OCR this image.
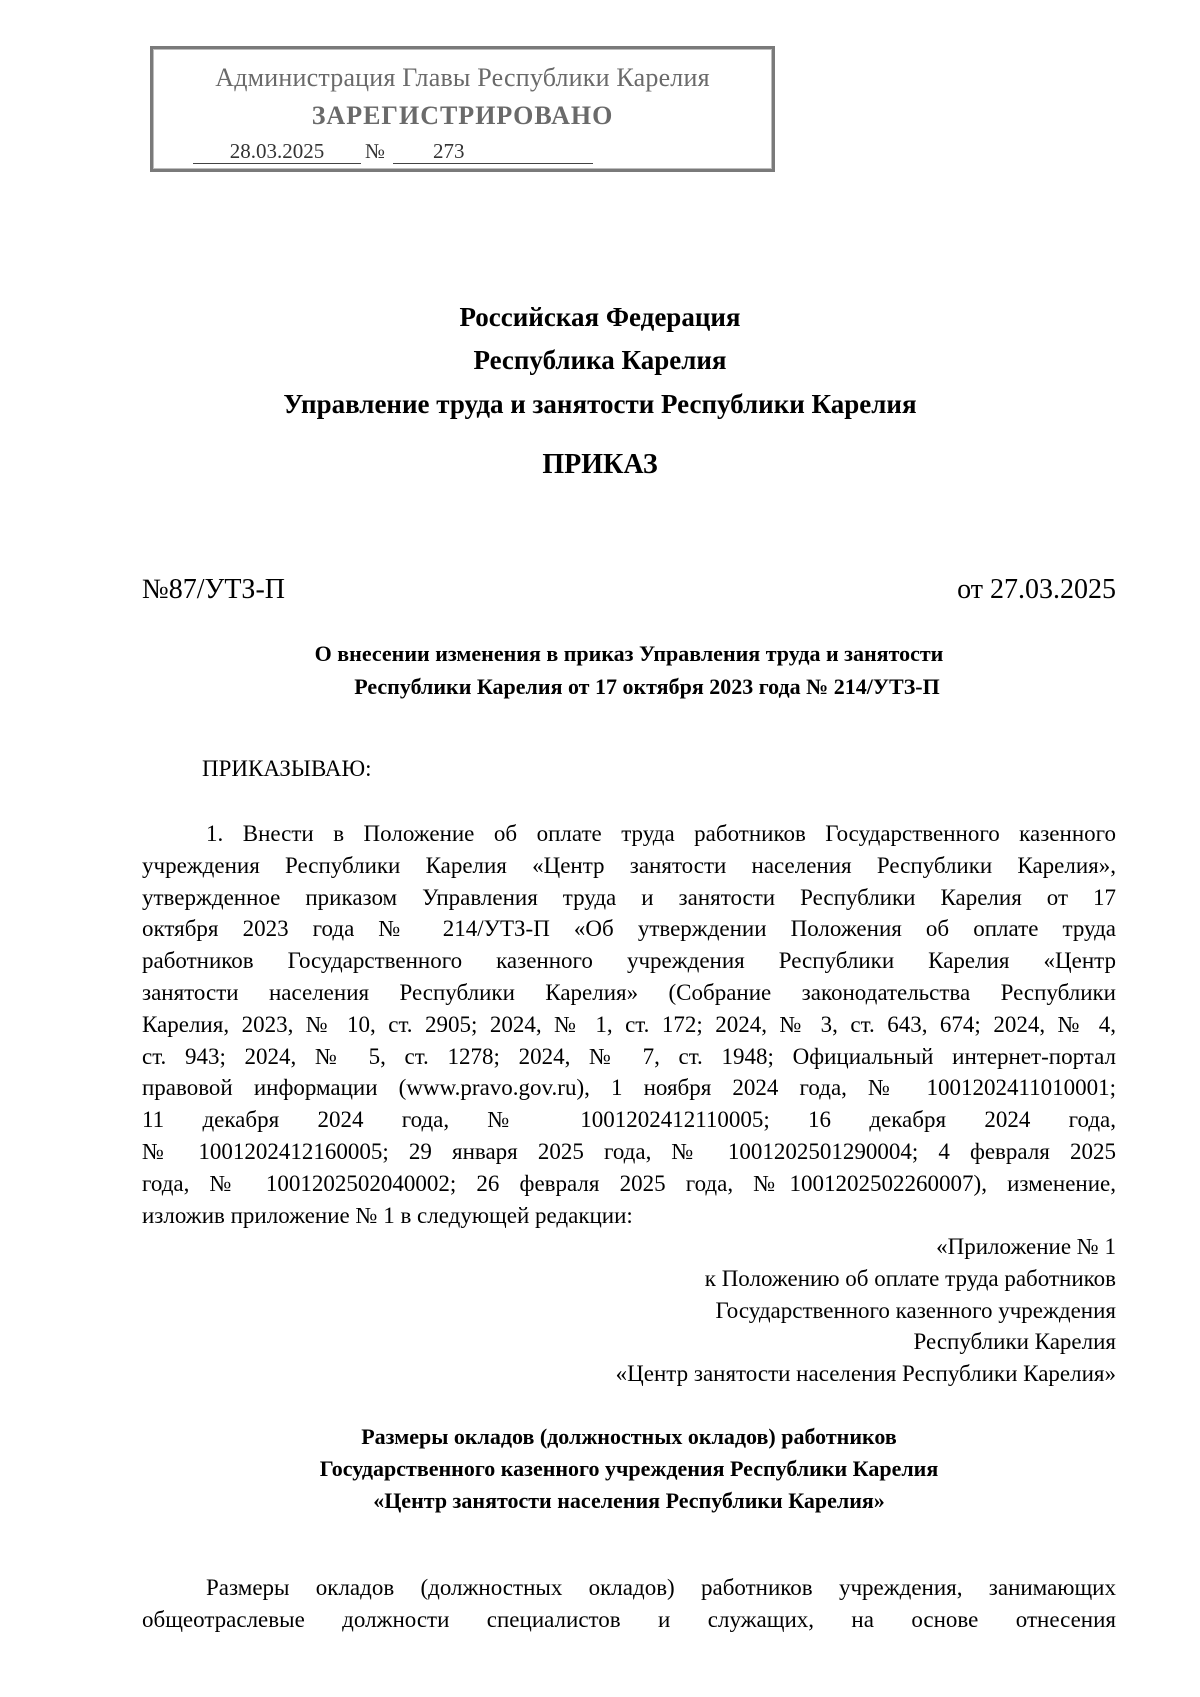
Администрация Главы Республики Карелия
ЗАРЕГИСТРИРОВАНО
28.03.2025	№	273
Российская Федерация
Республика Карелия
Управление труда и занятости Республики Карелия
ПРИКАЗ
№87/УТЗ-П	от 27.03.2025
О внесении изменения в приказ Управления труда и занятости
Республики Карелия от 17 октября 2023 года № 214/УТЗ-П
ПРИКАЗЫВАЮ:
1. Внести в Положение об оплате труда работников Государственного казенного
учреждения Республики Карелия «Центр занятости населения Республики Карелия»,
утвержденное приказом Управления труда и занятости Республики Карелия от 17
октября 2023 года № 214/УТЗ-П «Об утверждении Положения об оплате труда
работников Государственного казенного учреждения Республики Карелия «Центр
занятости населения Республики Карелия» (Собрание законодательства Республики
Карелия, 2023, № 10, ст. 2905; 2024, № 1, ст. 172; 2024, № 3, ст. 643, 674; 2024, № 4,
ст. 943; 2024, № 5, ст. 1278; 2024, № 7, ст. 1948; Официальный интернет-портал
правовой информации (www.pravo.gov.ru), 1 ноября 2024 года, № 1001202411010001;
11 декабря 2024 года, № 1001202412110005; 16 декабря 2024 года,
№ 1001202412160005; 29 января 2025 года, № 1001202501290004; 4 февраля 2025
года, № 1001202502040002; 26 февраля 2025 года, №1001202502260007), изменение,
изложив приложение № 1 в следующей редакции:
«Приложение № 1
к Положению об оплате труда работников
Государственного казенного учреждения
Республики Карелия
«Центр занятости населения Республики Карелия»
Размеры окладов (должностных окладов) работников
Государственного казенного учреждения Республики Карелия
«Центр занятости населения Республики Карелия»
Размеры окладов (должностных окладов) работников учреждения, занимающих
общеотраслевые должности специалистов и служащих, на основе отнесения
